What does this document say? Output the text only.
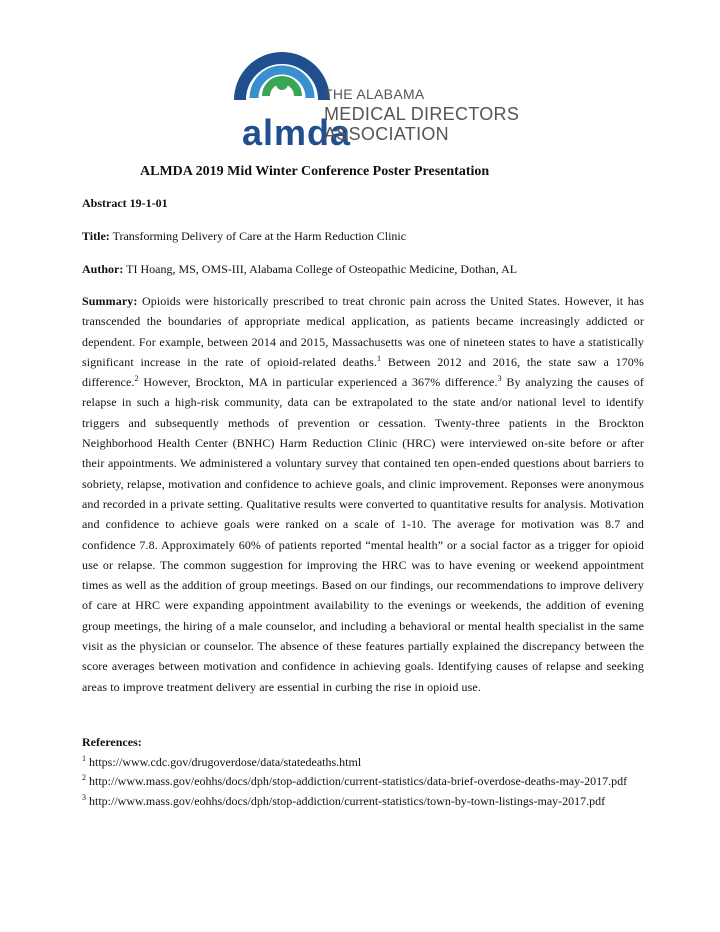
almda
THE ALABAMA
MEDICAL DIRECTORS
ASSOCIATION
ALMDA 2019 Mid Winter Conference Poster Presentation
Abstract 19-1-01
Title: Transforming Delivery of Care at the Harm Reduction Clinic
Author: TI Hoang, MS, OMS-III, Alabama College of Osteopathic Medicine, Dothan, AL
Summary: Opioids were historically prescribed to treat chronic pain across the United States. However, it has transcended the boundaries of appropriate medical application, as patients became increasingly addicted or dependent. For example, between 2014 and 2015, Massachusetts was one of nineteen states to have a statistically significant increase in the rate of opioid-related deaths.$^1$ Between 2012 and 2016, the state saw a 170% difference.$^2$ However, Brockton, MA in particular experienced a 367% difference.$^3$ By analyzing the causes of relapse in such a high-risk community, data can be extrapolated to the state and/or national level to identify triggers and subsequently methods of prevention or cessation. Twenty-three patients in the Brockton Neighborhood Health Center (BNHC) Harm Reduction Clinic (HRC) were interviewed on-site before or after their appointments. We administered a voluntary survey that contained ten open-ended questions about barriers to sobriety, relapse, motivation and confidence to achieve goals, and clinic improvement. Reponses were anonymous and recorded in a private setting. Qualitative results were converted to quantitative results for analysis. Motivation and confidence to achieve goals were ranked on a scale of 1-10. The average for motivation was 8.7 and confidence 7.8. Approximately 60% of patients reported “mental health” or a social factor as a trigger for opioid use or relapse. The common suggestion for improving the HRC was to have evening or weekend appointment times as well as the addition of group meetings. Based on our findings, our recommendations to improve delivery of care at HRC were expanding appointment availability to the evenings or weekends, the addition of evening group meetings, the hiring of a male counselor, and including a behavioral or mental health specialist in the same visit as the physician or counselor. The absence of these features partially explained the discrepancy between the score averages between motivation and confidence in achieving goals. Identifying causes of relapse and seeking areas to improve treatment delivery are essential in curbing the rise in opioid use.
References:
$^1$ https://www.cdc.gov/drugoverdose/data/statedeaths.html
$^2$ http://www.mass.gov/eohhs/docs/dph/stop-addiction/current-statistics/data-brief-overdose-deaths-may-2017.pdf
$^3$ http://www.mass.gov/eohhs/docs/dph/stop-addiction/current-statistics/town-by-town-listings-may-2017.pdf
